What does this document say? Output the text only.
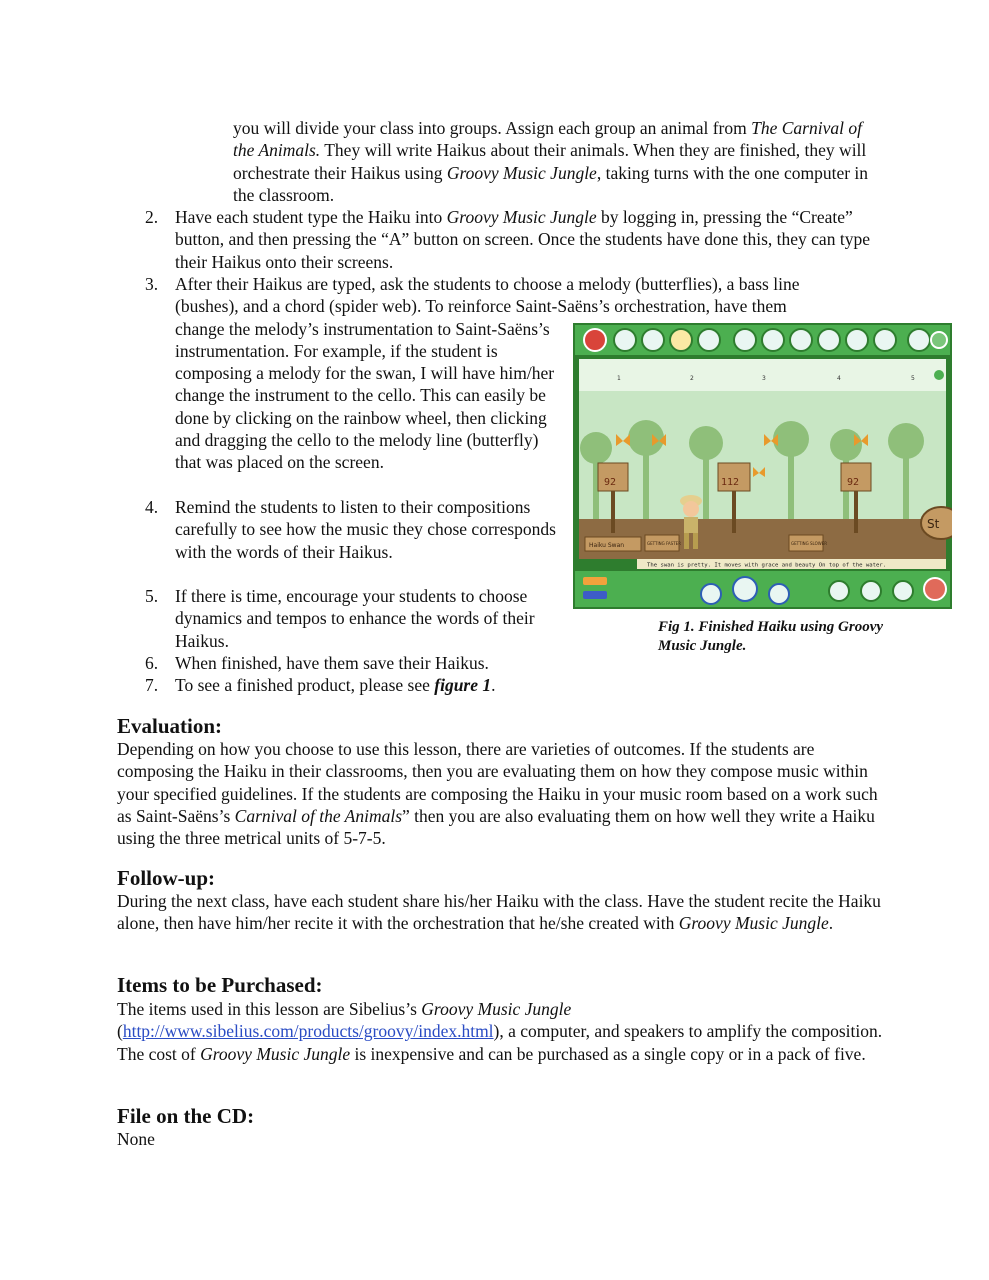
you will divide your class into groups. Assign each group an animal from The Carnival of the Animals. They will write Haikus about their animals. When they are finished, they will orchestrate their Haikus using Groovy Music Jungle, taking turns with the one computer in the classroom.

2. Have each student type the Haiku into Groovy Music Jungle by logging in, pressing the “Create” button, and then pressing the “A” button on screen. Once the students have done this, they can type their Haikus onto their screens.

3. After their Haikus are typed, ask the students to choose a melody (butterflies), a bass line
(bushes), and a chord (spider web). To reinforce Saint-Saëns’s orchestration, have them
change the melody’s instrumentation to Saint-Saëns’s instrumentation. For example, if the student is composing a melody for the swan, I will have him/her change the instrument to the cello. This can easily be done by clicking on the rainbow wheel, then clicking and dragging the cello to the melody line (butterfly) that was placed on the screen.
4. Remind the students to listen to their compositions carefully to see how the music they chose corresponds with the words of their Haikus.

5. If there is time, encourage your students to choose dynamics and tempos to enhance the words of their Haikus.

6. When finished, have them save their Haikus.

7. To see a finished product, please see figure 1.

1	2	3	4	5
92	112	92
Haiku Swan	GETTING FASTER	GETTING SLOWER
St
The swan is pretty. It moves with grace and beauty On top of the water.

Fig 1. Finished Haiku using Groovy Music Jungle.

Evaluation:

Depending on how you choose to use this lesson, there are varieties of outcomes. If the students are composing the Haiku in their classrooms, then you are evaluating them on how they compose music within your specified guidelines. If the students are composing the Haiku in your music room based on a work such as Saint-Saëns’s Carnival of the Animals” then you are also evaluating them on how well they write a Haiku using the three metrical units of 5-7-5.

Follow-up:

During the next class, have each student share his/her Haiku with the class. Have the student recite the Haiku alone, then have him/her recite it with the orchestration that he/she created with Groovy Music Jungle.

Items to be Purchased:

The items used in this lesson are Sibelius’s Groovy Music Jungle (http://www.sibelius.com/products/groovy/index.html), a computer, and speakers to amplify the composition. The cost of Groovy Music Jungle is inexpensive and can be purchased as a single copy or in a pack of five.

File on the CD:

None
